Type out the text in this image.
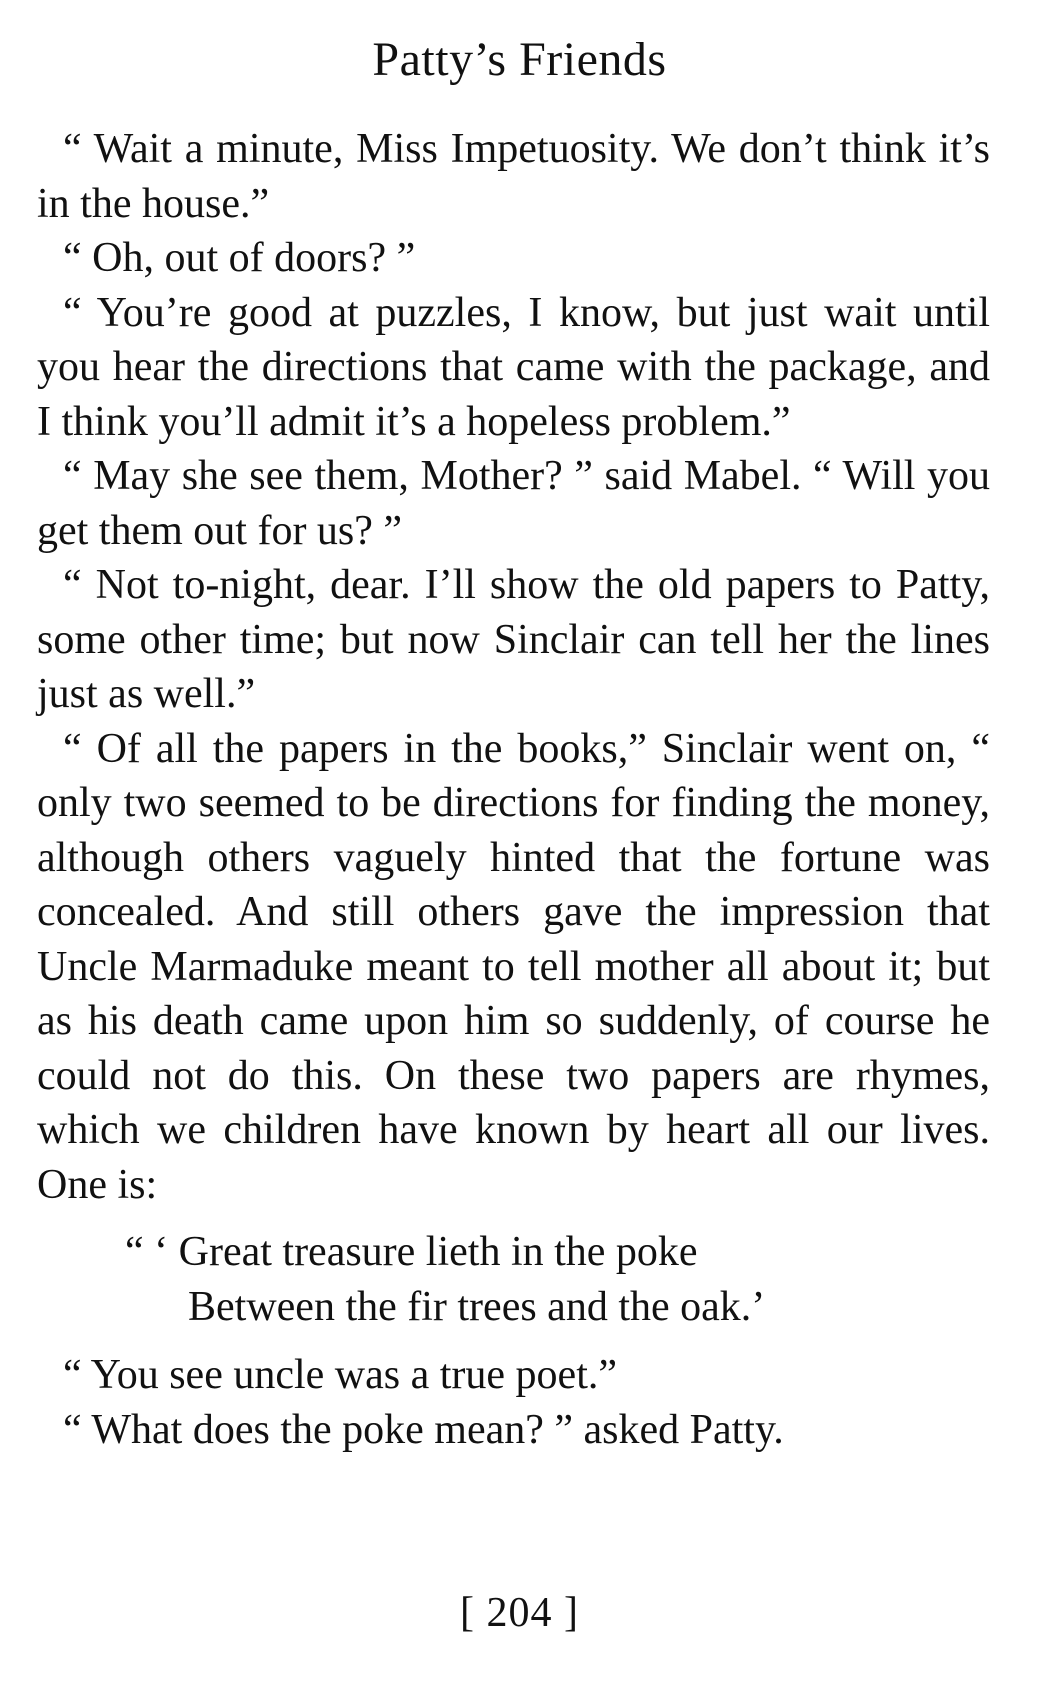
Patty’s Friends

“ Wait a minute, Miss Impetuosity. We don’t think it’s in the house.”

“ Oh, out of doors? ”

“ You’re good at puzzles, I know, but just wait until you hear the directions that came with the package, and I think you’ll admit it’s a hopeless problem.”

“ May she see them, Mother? ” said Mabel. “ Will you get them out for us? ”

“ Not to-night, dear. I’ll show the old papers to Patty, some other time; but now Sinclair can tell her the lines just as well.”

“ Of all the papers in the books,” Sinclair went on, “ only two seemed to be directions for finding the money, although others vaguely hinted that the fortune was concealed. And still others gave the impression that Uncle Marmaduke meant to tell mother all about it; but as his death came upon him so suddenly, of course he could not do this. On these two papers are rhymes, which we children have known by heart all our lives. One is:

“ ‘ Great treasure lieth in the poke
Between the fir trees and the oak.’

“ You see uncle was a true poet.”

“ What does the poke mean? ” asked Patty.

[ 204 ]
